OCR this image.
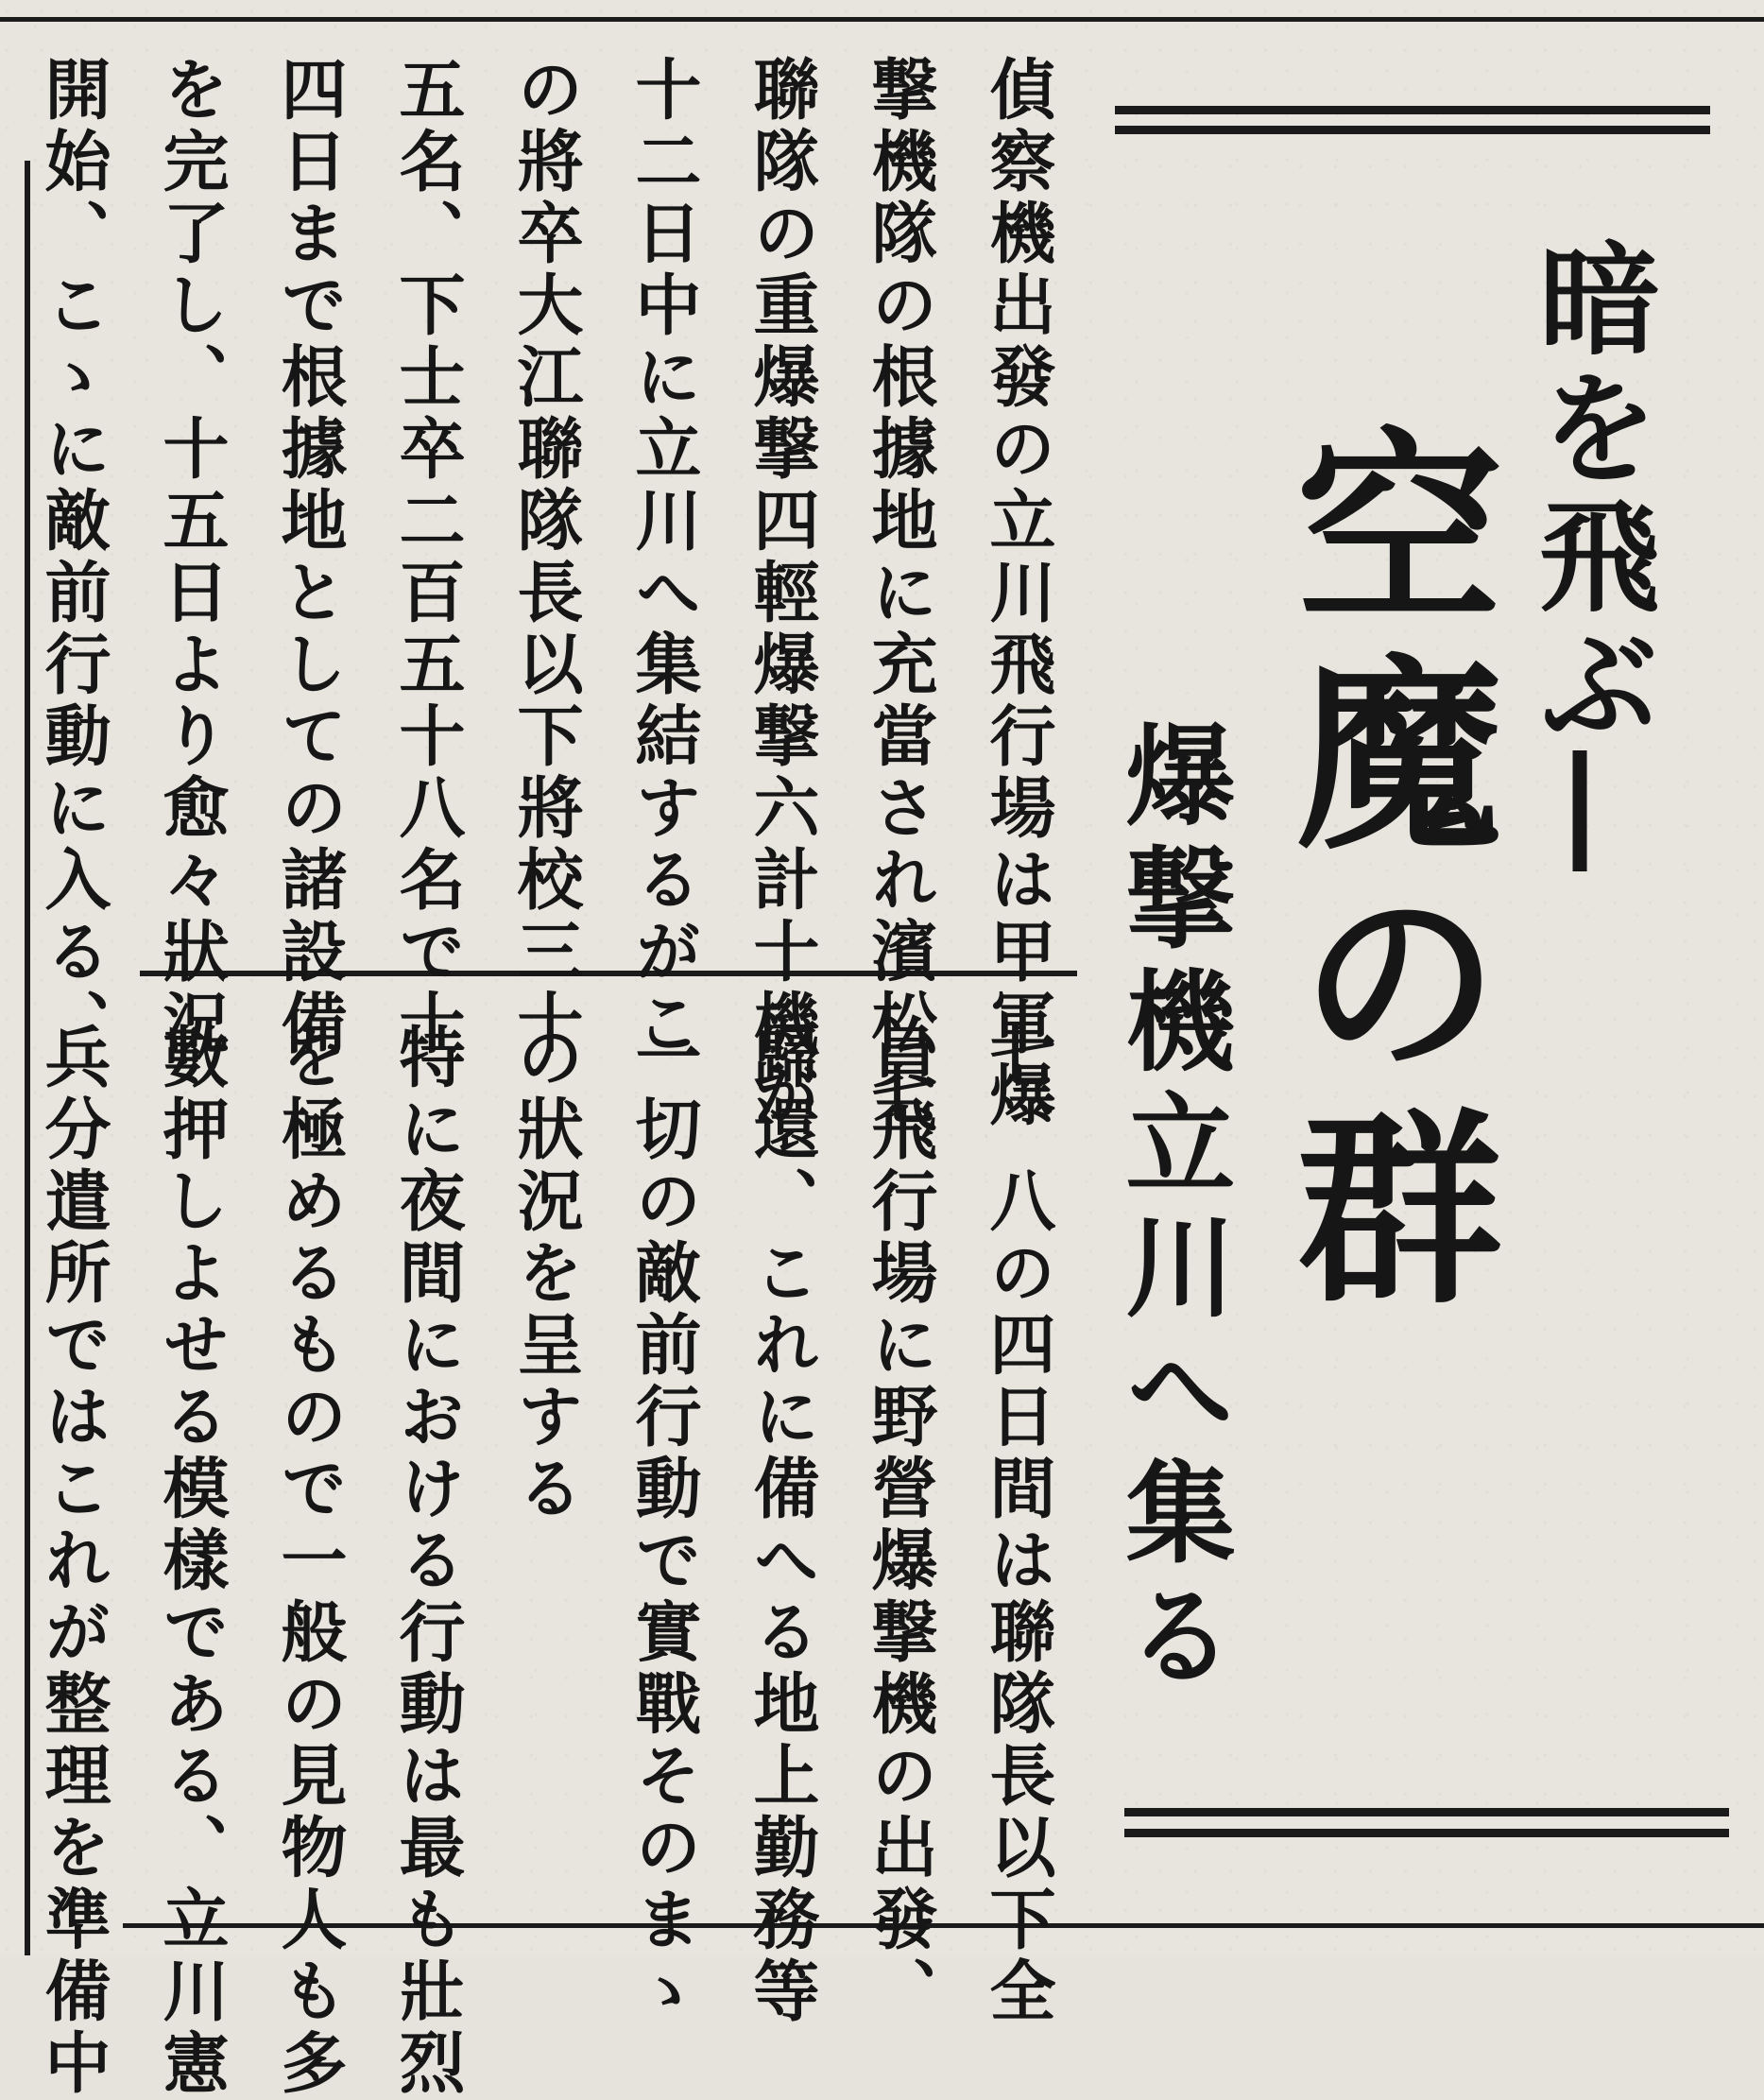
暗を飛ぶ―
空魔の群
爆撃機立川へ集る
偵察機出發の立川飛行場は甲軍爆
撃機隊の根據地に充當され濱松七
聯隊の重爆撃四輕爆撃六計十機が
十二日中に立川へ集結するがこ
の將卒大江聯隊長以下將校三十
五名、下士卒二百五十八名で十
四日まで根據地としての諸設備
を完了し、十五日より愈々狀況
開始、こゝに敵前行動に入る、

七、八の四日間は聯隊長以下全
員飛行場に野營爆撃機の出發、
歸還、これに備へる地上勤務等
一切の敵前行動で實戰そのまゝ
の狀況を呈する
特に夜間における行動は最も壯烈
を極めるもので一般の見物人も多
數押しよせる模樣である、立川憲
兵分遣所ではこれが整理を準備中
